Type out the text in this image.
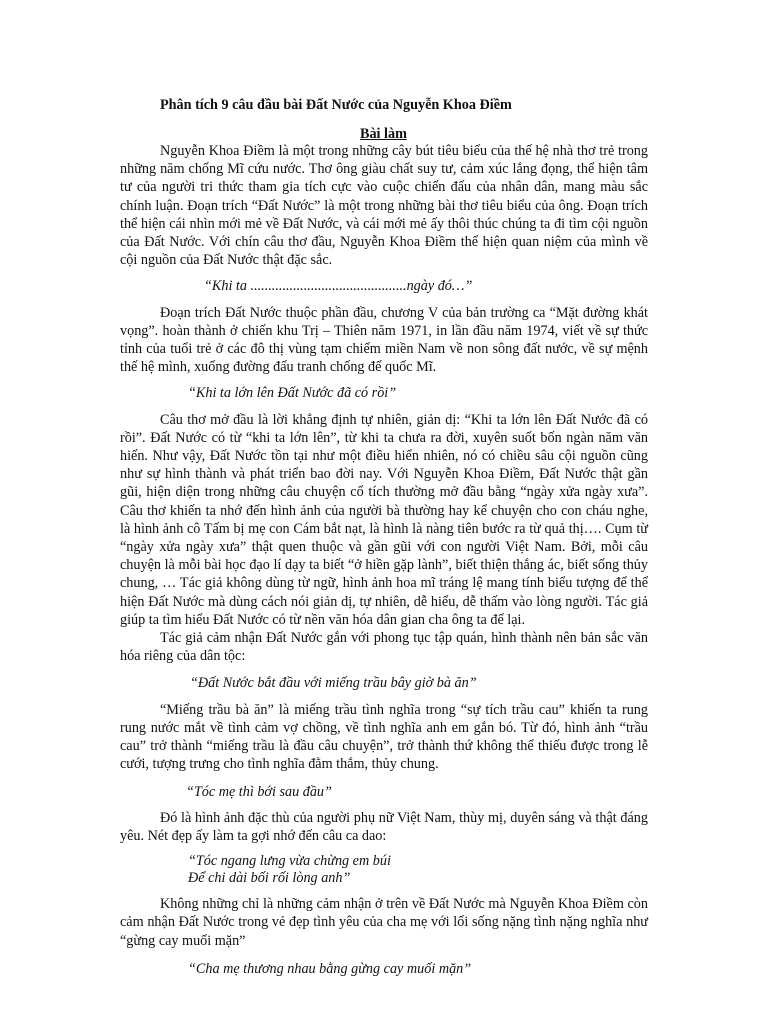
Phân tích 9 câu đầu bài Đất Nước của Nguyễn Khoa Điềm
Bài làm

Nguyễn Khoa Điềm là một trong những cây bút tiêu biểu của thế hệ nhà thơ trẻ trong những năm chống Mĩ cứu nước. Thơ ông giàu chất suy tư, cảm xúc lắng đọng, thể hiện tâm tư của người tri thức tham gia tích cực vào cuộc chiến đấu của nhân dân, mang màu sắc chính luận. Đoạn trích “Đất Nước” là một trong những bài thơ tiêu biểu của ông. Đoạn trích thể hiện cái nhìn mới mẻ về Đất Nước, và cái mới mẻ ấy thôi thúc chúng ta đi tìm cội nguồn của Đất Nước. Với chín câu thơ đầu, Nguyễn Khoa Điềm thể hiện quan niệm của mình về cội nguồn của Đất Nước thật đặc sắc.

“Khi ta ............................................ngày đó…”

Đoạn trích Đất Nước thuộc phần đầu, chương V của bản trường ca “Mặt đường khát vọng”. hoàn thành ở chiến khu Trị – Thiên năm 1971, in lần đầu năm 1974, viết về sự thức tỉnh của tuổi trẻ ở các đô thị vùng tạm chiếm miền Nam về non sông đất nước, về sự mệnh thế hệ mình, xuống đường đấu tranh chống đế quốc Mĩ.

“Khi ta lớn lên Đất Nước đã có rồi”

Câu thơ mở đầu là lời khẳng định tự nhiên, giản dị: “Khi ta lớn lên Đất Nước đã có rồi”. Đất Nước có từ “khi ta lớn lên”, từ khi ta chưa ra đời, xuyên suốt bốn ngàn năm văn hiến. Như vậy, Đất Nước tồn tại như một điều hiển nhiên, nó có chiều sâu cội nguồn cũng như sự hình thành và phát triển bao đời nay. Với Nguyễn Khoa Điềm, Đất Nước thật gần gũi, hiện diện trong những câu chuyện cổ tích thường mở đầu bằng “ngày xửa ngày xưa”. Câu thơ khiến ta nhớ đến hình ảnh của người bà thường hay kể chuyện cho con cháu nghe, là hình ảnh cô Tấm bị mẹ con Cám bắt nạt, là hình là nàng tiên bước ra từ quả thị…. Cụm từ “ngày xửa ngày xưa” thật quen thuộc và gần gũi với con người Việt Nam. Bởi, mỗi câu chuyện là mỗi bài học đạo lí dạy ta biết “ở hiền gặp lành”, biết thiện thắng ác, biết sống thủy chung, … Tác giả không dùng từ ngữ, hình ảnh hoa mĩ tráng lệ mang tính biểu tượng để thể hiện Đất Nước mà dùng cách nói giản dị, tự nhiên, dễ hiểu, dễ thấm vào lòng người. Tác giả giúp ta tìm hiểu Đất Nước có từ nền văn hóa dân gian cha ông ta để lại.

Tác giả cảm nhận Đất Nước gắn với phong tục tập quán, hình thành nên bản sắc văn hóa riêng của dân tộc:

“Đất Nước bắt đầu với miếng trầu bây giờ bà ăn”

“Miếng trầu bà ăn” là miếng trầu tình nghĩa trong “sự tích trầu cau” khiến ta rung rung nước mắt về tình cảm vợ chồng, về tình nghĩa anh em gắn bó. Từ đó, hình ảnh “trầu cau” trở thành “miếng trầu là đầu câu chuyện”, trở thành thứ không thể thiếu được trong lễ cưới, tượng trưng cho tình nghĩa đằm thắm, thủy chung.

“Tóc mẹ thì bới sau đầu”

Đó là hình ảnh đặc thù của người phụ nữ Việt Nam, thùy mị, duyên sáng và thật đáng yêu. Nét đẹp ấy làm ta gợi nhớ đến câu ca dao:

“Tóc ngang lưng vừa chừng em búi
Để chi dài bối rối lòng anh”

Không những chỉ là những cảm nhận ở trên về Đất Nước mà Nguyễn Khoa Điềm còn cảm nhận Đất Nước trong vẻ đẹp tình yêu của cha mẹ với lối sống nặng tình nặng nghĩa như “gừng cay muối mặn”

“Cha mẹ thương nhau bằng gừng cay muối mặn”
